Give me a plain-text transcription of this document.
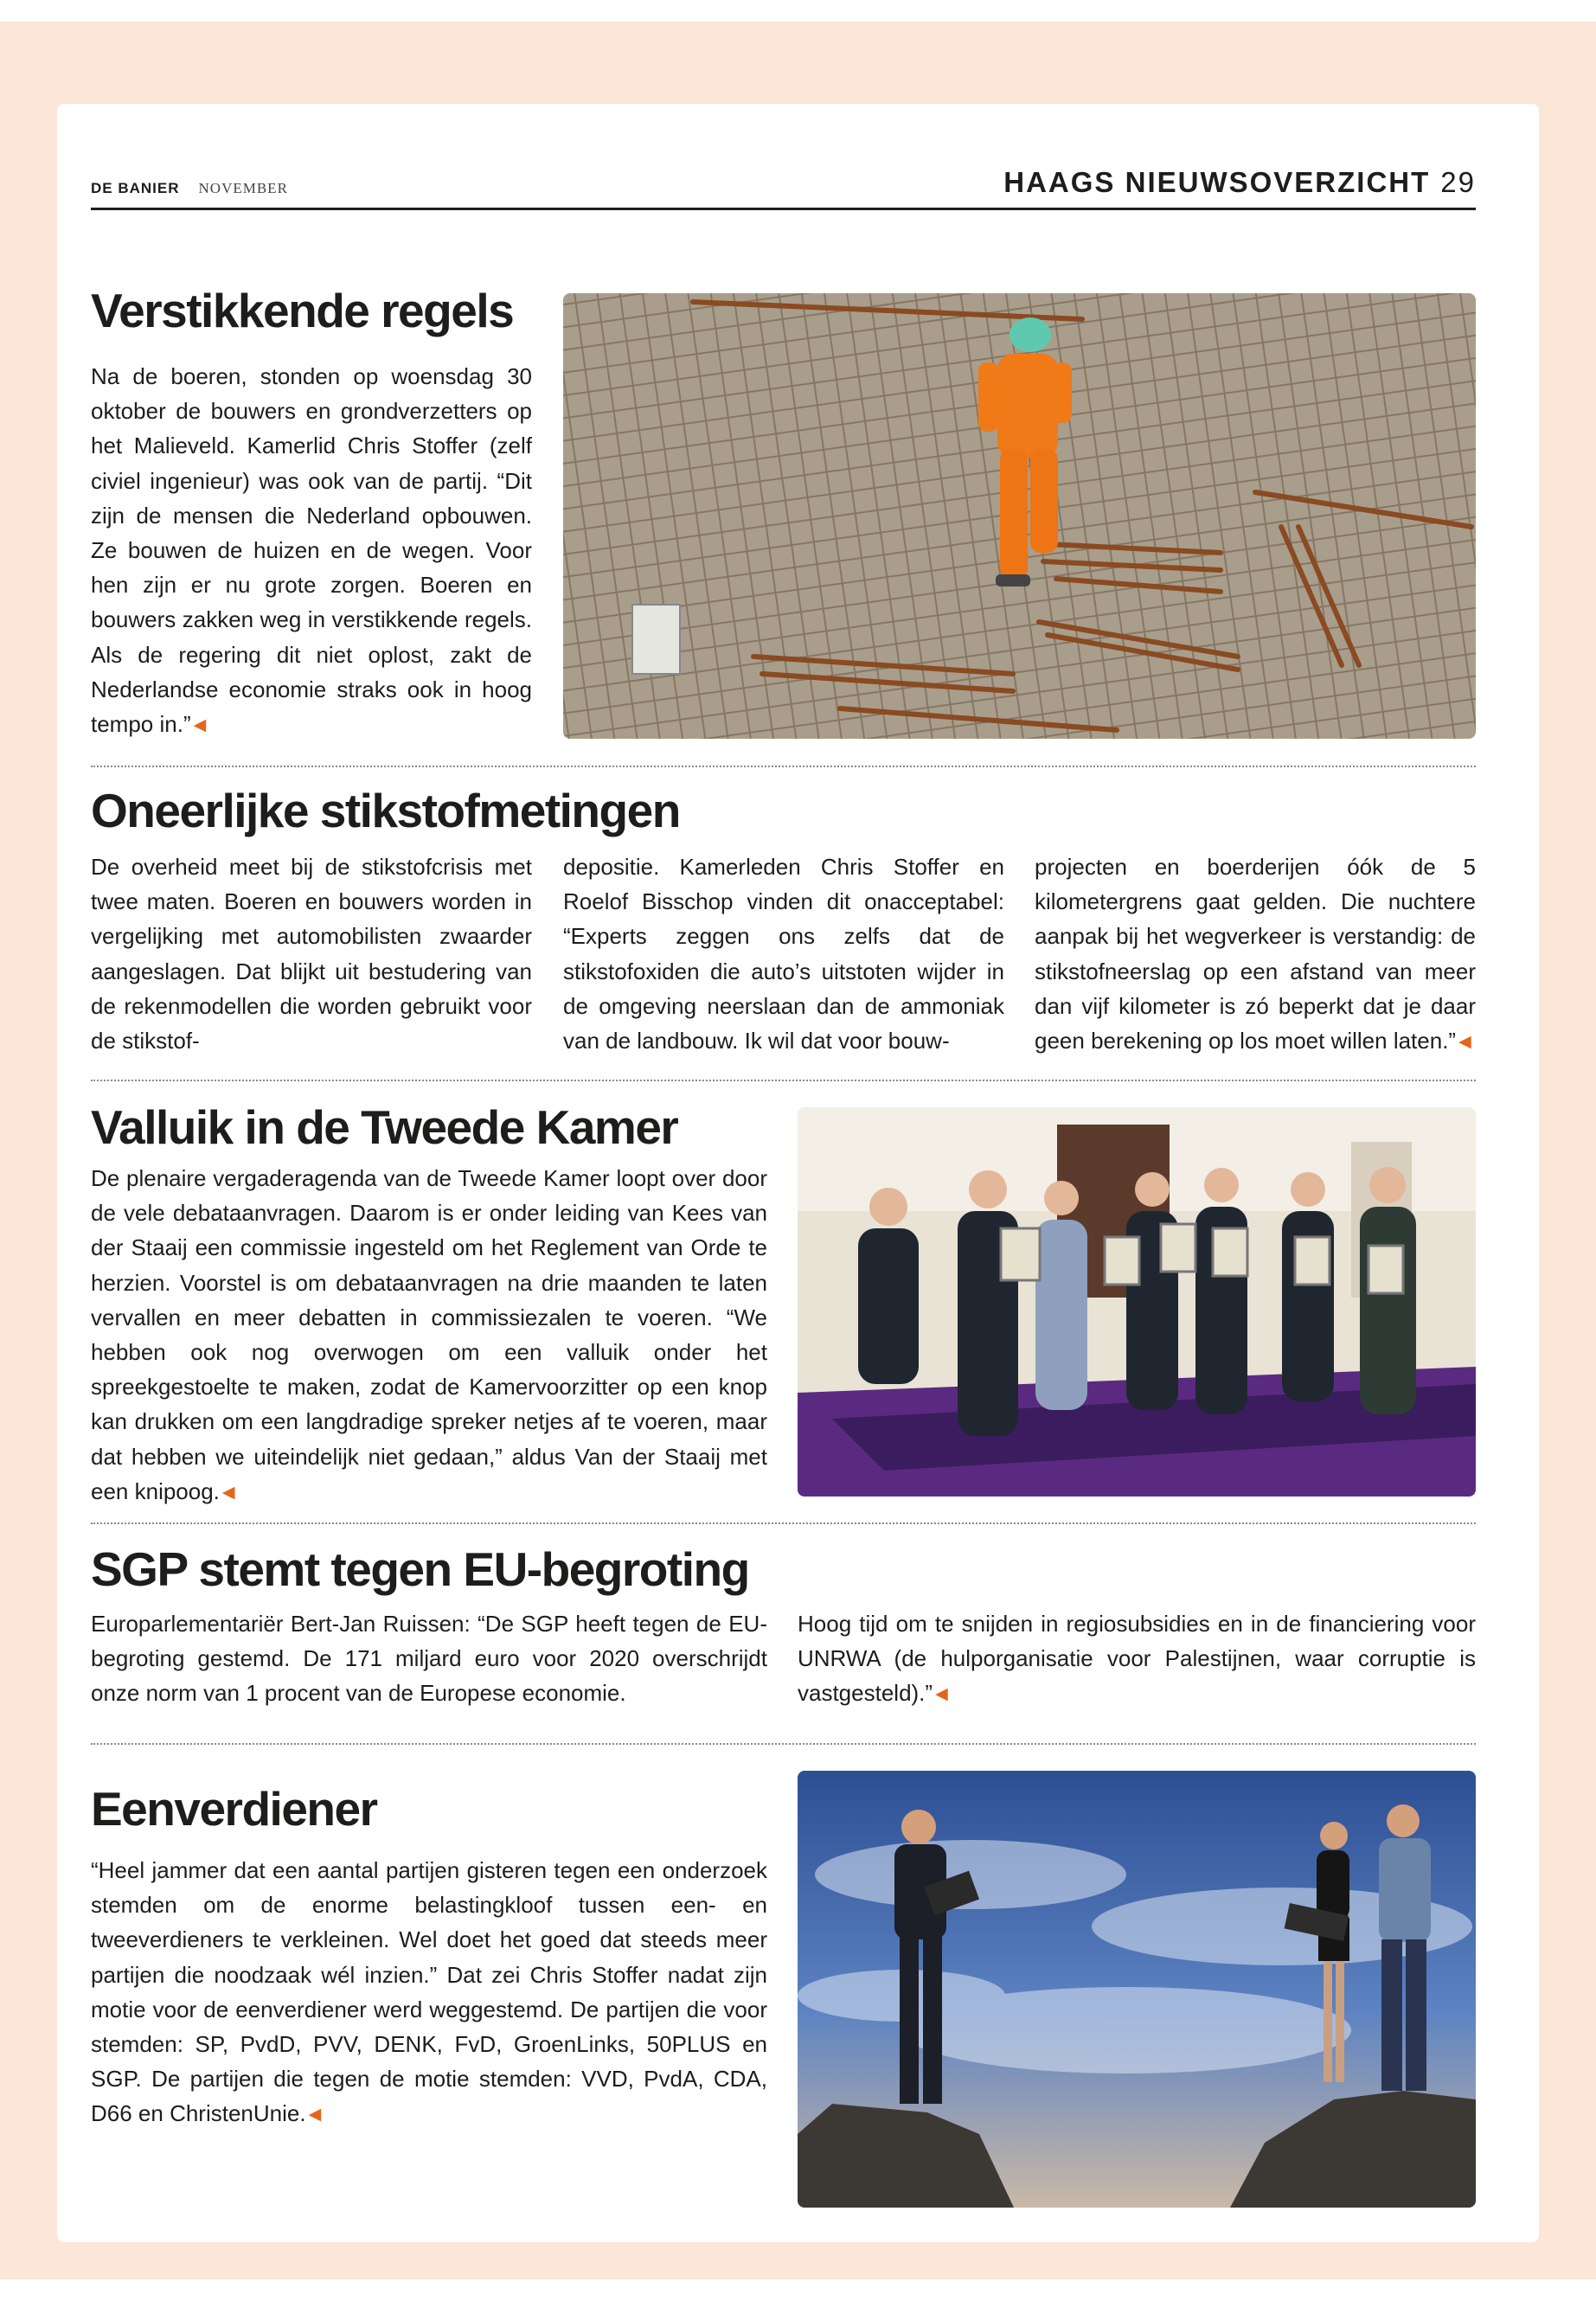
DE BANIER NOVEMBER	HAAGS NIEUWSOVERZICHT 29
Verstikkende regels

Na de boeren, stonden op woensdag 30 oktober de bouwers en grondverzetters op het Malieveld. Kamerlid Chris Stoffer (zelf civiel ingenieur) was ook van de partij. “Dit zijn de mensen die Nederland opbouwen. Ze bouwen de huizen en de wegen. Voor hen zijn er nu grote zorgen. Boeren en bouwers zakken weg in verstikkende regels. Als de regering dit niet oplost, zakt de Nederlandse economie straks ook in hoog tempo in.” ◀

Oneerlijke stikstofmetingen

De overheid meet bij de stikstofcrisis met twee maten. Boeren en bouwers worden in vergelijking met automobilisten zwaarder aangeslagen. Dat blijkt uit bestudering van de rekenmodellen die worden gebruikt voor de stikstof-

depositie. Kamerleden Chris Stoffer en Roelof Bisschop vinden dit onacceptabel: “Experts zeggen ons zelfs dat de stikstofoxiden die auto’s uitstoten wijder in de omgeving neerslaan dan de ammoniak van de landbouw. Ik wil dat voor bouw-

projecten en boerderijen óók de 5 kilometergrens gaat gelden. Die nuchtere aanpak bij het wegverkeer is verstandig: de stikstofneerslag op een afstand van meer dan vijf kilometer is zó beperkt dat je daar geen berekening op los moet willen laten.” ◀

Valluik in de Tweede Kamer

De plenaire vergaderagenda van de Tweede Kamer loopt over door de vele debataanvragen. Daarom is er onder leiding van Kees van der Staaij een commissie ingesteld om het Reglement van Orde te herzien. Voorstel is om debataanvragen na drie maanden te laten vervallen en meer debatten in commissiezalen te voeren. “We hebben ook nog overwogen om een valluik onder het spreekgestoelte te maken, zodat de Kamervoorzitter op een knop kan drukken om een langdradige spreker netjes af te voeren, maar dat hebben we uiteindelijk niet gedaan,” aldus Van der Staaij met een knipoog. ◀

SGP stemt tegen EU-begroting

Europarlementariër Bert-Jan Ruissen: “De SGP heeft tegen de EU-begroting gestemd. De 171 miljard euro voor 2020 overschrijdt onze norm van 1 procent van de Europese economie.

Hoog tijd om te snijden in regiosubsidies en in de financiering voor UNRWA (de hulporganisatie voor Palestijnen, waar corruptie is vastgesteld).” ◀

Eenverdiener

“Heel jammer dat een aantal partijen gisteren tegen een onderzoek stemden om de enorme belastingkloof tussen een- en tweeverdieners te verkleinen. Wel doet het goed dat steeds meer partijen die noodzaak wél inzien.” Dat zei Chris Stoffer nadat zijn motie voor de eenverdiener werd weggestemd. De partijen die voor stemden: SP, PvdD, PVV, DENK, FvD, GroenLinks, 50PLUS en SGP. De partijen die tegen de motie stemden: VVD, PvdA, CDA, D66 en ChristenUnie. ◀
